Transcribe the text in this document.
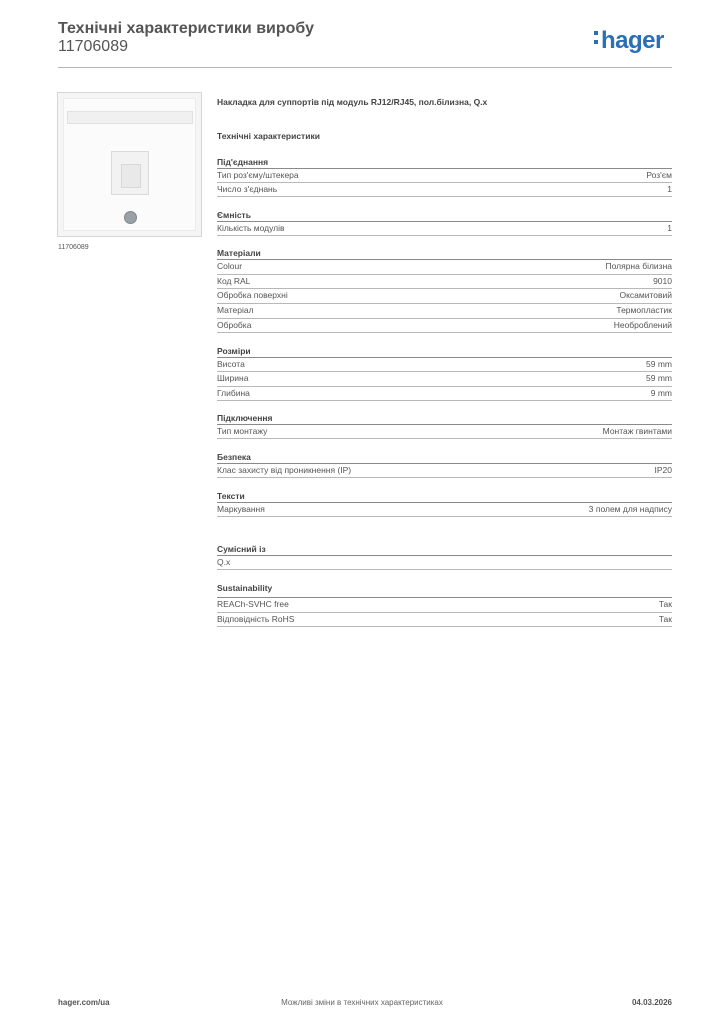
Технічні характеристики виробу
11706089	hager
11706089
Накладка для суппортів під модуль RJ12/RJ45, пол.білизна, Q.x
Технічні характеристики
Під'єднання
Тип роз'єму/штекера	Роз'єм
Число з'єднань	1
Ємність
Кількість модулів	1
Матеріали
Colour	Полярна білизна
Код RAL	9010
Обробка поверхні	Оксамитовий
Матеріал	Термопластик
Обробка	Необроблений
Розміри
Висота	59 mm
Ширина	59 mm
Глибина	9 mm
Підключення
Тип монтажу	Монтаж гвинтами
Безпека
Клас захисту від проникнення (IP)	IP20
Тексти
Маркування	З полем для надпису
Сумісний із
Q.x
Sustainability
REACh-SVHC free	Так
Відповідність RoHS	Так
Можливі зміни в технічних характеристиках
hager.com/ua	04.03.2026
